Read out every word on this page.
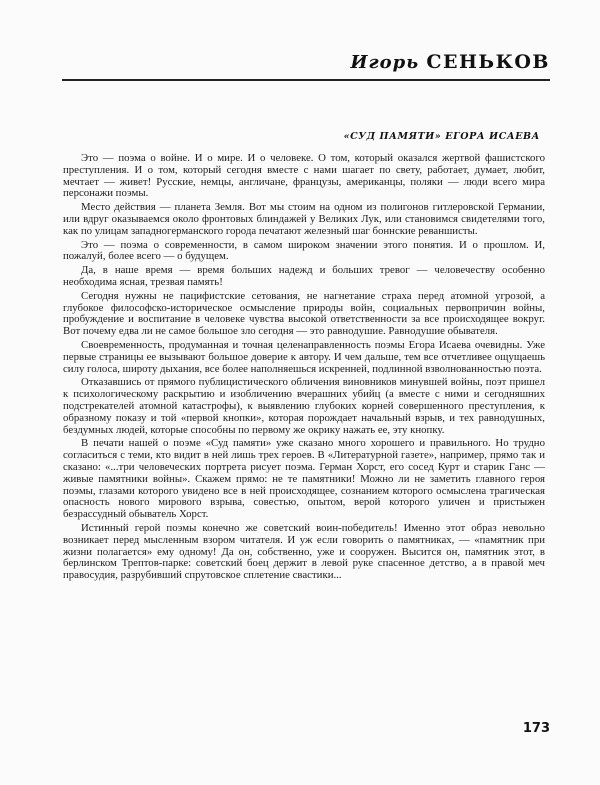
Игорь СЕНЬКОВ
«СУД ПАМЯТИ» ЕГОРА ИСАЕВА

Это — поэма о войне. И о мире. И о человеке. О том, который оказался жертвой фашистского преступления. И о том, который сегодня вместе с нами шагает по свету, работает, думает, любит, мечтает — живет! Русские, немцы, англичане, французы, американцы, поляки — люди всего мира персонажи поэмы.

Место действия — планета Земля. Вот мы стоим на одном из полигонов гитлеровской Германии, или вдруг оказываемся около фронтовых блиндажей у Великих Лук, или становимся свидетелями того, как по улицам западногерманского города печатают железный шаг боннские реваншисты.

Это — поэма о современности, в самом широком значении этого понятия. И о прошлом. И, пожалуй, более всего — о будущем.

Да, в наше время — время больших надежд и больших тревог — человечеству особенно необходима ясная, трезвая память!

Сегодня нужны не пацифистские сетования, не нагнетание страха перед атомной угрозой, а глубокое философско-историческое осмысление природы войн, социальных первопричин войны, пробуждение и воспитание в человеке чувства высокой ответственности за все происходящее вокруг. Вот почему едва ли не самое большое зло сегодня — это равнодушие. Равнодушие обывателя.

Своевременность, продуманная и точная целенаправленность поэмы Егора Исаева очевидны. Уже первые страницы ее вызывают большое доверие к автору. И чем дальше, тем все отчетливее ощущаешь силу голоса, широту дыхания, все более наполняешься искренней, подлинной взволнованностью поэта.

Отказавшись от прямого публицистического обличения виновников минувшей войны, поэт пришел к психологическому раскрытию и изобличению вчерашних убийц (а вместе с ними и сегодняшних подстрекателей атомной катастрофы), к выявлению глубоких корней совершенного преступления, к образному показу и той «первой кнопки», которая порождает начальный взрыв, и тех равнодушных, бездумных людей, которые способны по первому же окрику нажать ее, эту кнопку.

В печати нашей о поэме «Суд памяти» уже сказано много хорошего и правильного. Но трудно согласиться с теми, кто видит в ней лишь трех героев. В «Литературной газете», например, прямо так и сказано: «...три человеческих портрета рисует поэма. Герман Хорст, его сосед Курт и старик Ганс — живые памятники войны». Скажем прямо: не те памятники! Можно ли не заметить главного героя поэмы, глазами которого увидено все в ней происходящее, сознанием которого осмыслена трагическая опасность нового мирового взрыва, совестью, опытом, верой которого уличен и пристыжен безрассудный обыватель Хорст.

Истинный герой поэмы конечно же советский воин-победитель! Именно этот образ невольно возникает перед мысленным взором читателя. И уж если говорить о памятниках, — «памятник при жизни полагается» ему одному! Да он, собственно, уже и сооружен. Высится он, памятник этот, в берлинском Трептов-парке: советский боец держит в левой руке спасенное детство, а в правой меч правосудия, разрубивший спрутовское сплетение свастики...

173
